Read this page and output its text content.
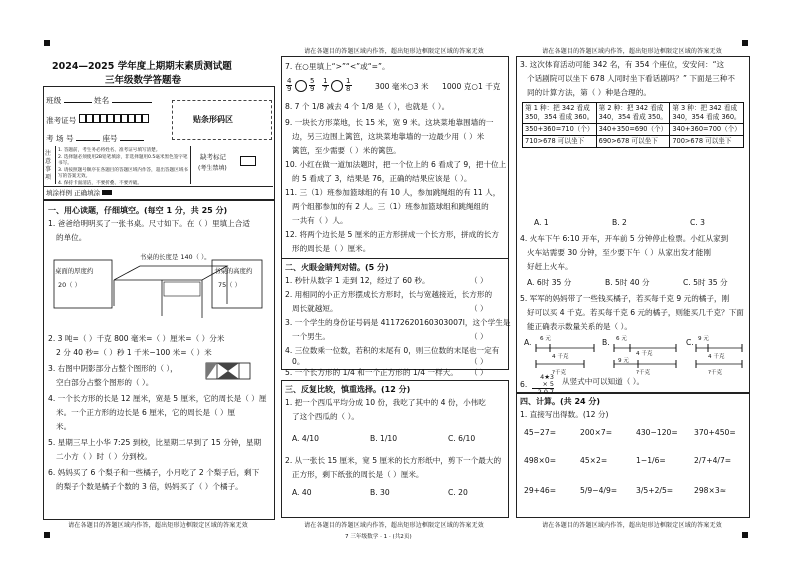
2024—2025 学年度上期期末素质测试题
三年级数学答题卷
班级	姓名
准考证号
考 场 号	座号
贴条形码区
注意事项
1. 答题前，考生务必将姓名、准考证号填写清楚。
2. 选择题必须使用2B铅笔填涂，非选择题用0.5毫米黑色签字笔书写。
3. 请按照题号顺序在各题目的答题区域内作答，超出答题区域书写的答案无效。
4. 保持卡面清洁，不要折叠、不要弄破。
缺考标记
(考生禁填)
填涂样例 正确填涂
一、用心读题，仔细填空。(每空 1 分，共 25 分)
1. 爸爸给明明买了一张书桌。尺寸如下。在（ ）里填上合适
的单位。
书桌的长度是 140（ ）。
桌面的厚度约
20（ ）
书桌的高度约
75（ ）
2. 3 吨=（ ）千克 800 毫米=（ ）厘米=（ ）分米
2 分 40 秒=（ ）秒 1 千米−100 米=（ ）米
3. 右图中阴影部分占整个图形的（ ），
空白部分占整个图形的（ ）。
4. 一个长方形的长是 12 厘米，宽是 5 厘米，它的周长是（ ）厘
米。一个正方形的边长是 6 厘米，它的周长是（ ）厘
米。
5. 星期三早上小华 7:25 到校，比星期二早到了 15 分钟，星期
二小方（ ）时（ ）分到校。
6. 妈妈买了 6 个梨子和一些橘子，小月吃了 2 个梨子后，剩下
的梨子个数是橘子个数的 3 倍，妈妈买了（ ）个橘子。
请在各题目的答题区域内作答，超出矩形边框限定区域的答案无效
请在各题目的答题区域内作答，超出矩形边框限定区域的答案无效
7. 在○里填上“>”“<”或“=”。
$\frac{4}{9}$
$\frac{5}{9}$
$\frac{1}{7}$
$\frac{1}{8}$	300 毫米○3 米 1000 克○1 千克
8. 7 个 1/8 减去 4 个 1/8 是（ ），也就是（ ）。
9. 一块长方形菜地，长 15 米，宽 9 米。这块菜地靠围墙的一
边，另三边围上篱笆，这块菜地靠墙的一边最少用（ ）米
篱笆，至少需要（ ）米的篱笆。
10. 小红在做一道加法题时，把一个位上的 6 看成了 9，把十位上
的 5 看成了 3，结果是 76，正确的结果应该是（ ）。
11. 三（1）班参加篮球组的有 10 人，参加跳绳组的有 11 人，
两个组都参加的有 2 人。三（1）班参加篮球组和跳绳组的
一共有（ ）人。
12. 将两个边长是 5 厘米的正方形拼成一个长方形，拼成的长方
形的周长是（ ）厘米。
二、火眼金睛判对错。(5 分)
1. 秒针从数字 1 走到 12，经过了 60 秒。
2. 用相同的小正方形摆成长方形时，长与宽越接近，长方形的
周长就越短。
3. 一个学生的身份证号码是 41172620160303007l，这个学生是
一个男生。
4. 三位数乘一位数，若积的末尾有 0，则三位数的末尾也一定有
0。
5. 一个长方形的 1/4 和一个正方形的 1/4 一样大。
（ ）
（ ）
（ ）
（ ）
（ ）
三、反复比较，慎重选择。(12 分)
1. 把一个西瓜平均分成 10 份，我吃了其中的 4 份，小伟吃
了这个西瓜的（ ）。
A. 4/10	B. 1/10	C. 6/10
2. 从一张长 15 厘米，宽 5 厘米的长方形纸中，剪下一个最大的
正方形，剩下纸张的周长是（ ）厘米。
A. 40	B. 30	C. 20
请在各题目的答题区域内作答，超出矩形边框限定区域的答案无效
7 三年级数学 · 1 · (共2页)
请在各题目的答题区域内作答，超出矩形边框限定区域的答案无效
3. 这次体育活动可能 342 名，有 354 个座位，安安问：“这
个话剧院可以坐下 678 人同时坐下看话剧吗？” 下面是三种不
同的计算方法，第（ ）种是合理的。
第 1 种：把 342 看成 350，354 看成 360。	第 2 种：把 342 看成 340，354 看成 350。	第 3 种：把 342 看成 340，354 看成 360。
350+360=710（个）	340+350=690（个）	340+360=700（个）
710>678 可以坐下	690>678 可以坐下	700>678 可以坐下
A. 1	B. 2	C. 3
4. 火车下午 6:10 开车，开车前 5 分钟停止检票。小红从家到
火车站需要 30 分钟，至少要下午（ ）从家出发才能刚
好赶上火车。
A. 6时 35 分	B. 5时 40 分	C. 5时 35 分
5. 军军的妈妈带了一些钱买橘子，若买每千克 9 元的橘子，刚
好可以买 4 千克。若买每千克 6 元的橘子，则能买几千克？下面
能正确表示数量关系的是（ ）。
A. 6 元
4 千克
?千克
B. 6 元
9 元
4 千克
?千克
C. 9 元
4 千克
?千克
6.
4★3
× 5
2 0 7
从竖式中可以知道（ ）。
四、计算。(共 24 分)
1. 直接写出得数。(12 分)
45−27=	200×7=	430−120= 370+450=
498×0=	45×2=	1−1/6=	2/7+4/7=
29+46=	5/9−4/9= 3/5+2/5=	298×3≈
请在各题目的答题区域内作答，超出矩形边框限定区域的答案无效
